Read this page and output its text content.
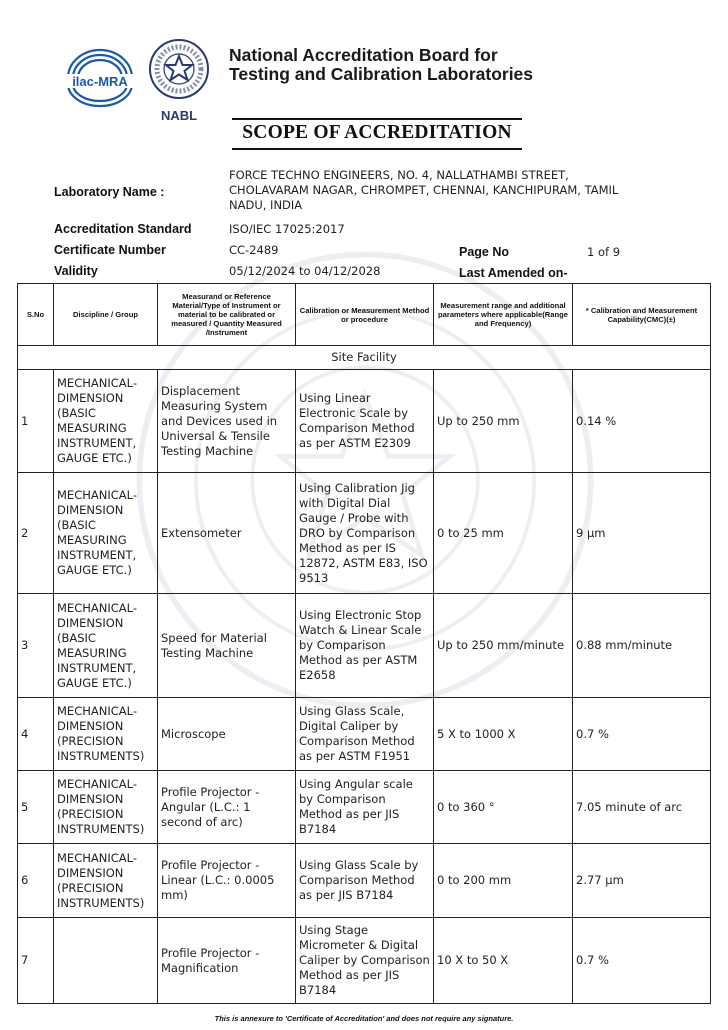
ilac-MRA
NABL
National Accreditation Board for
Testing and Calibration Laboratories
SCOPE OF ACCREDITATION
Laboratory Name :
FORCE TECHNO ENGINEERS, NO. 4, NALLATHAMBI STREET,
CHOLAVARAM NAGAR, CHROMPET, CHENNAI, KANCHIPURAM, TAMIL
NADU, INDIA
Accreditation Standard	ISO/IEC 17025:2017
Certificate Number	CC-2489	Page No	1 of 9
Validity	05/12/2024 to 04/12/2028	Last Amended on-
S.No	Discipline / Group	Measurand or Reference Material/Type of Instrument or material to be calibrated or measured / Quantity Measured /Instrument	Calibration or Measurement Method or procedure	Measurement range and additional parameters where applicable(Range and Frequency)	* Calibration and Measurement Capability(CMC)(±)
Site Facility					
1	MECHANICAL- DIMENSION (BASIC MEASURING INSTRUMENT, GAUGE ETC.)	Displacement Measuring System and Devices used in Universal & Tensile Testing Machine	Using Linear Electronic Scale by Comparison Method as per ASTM E2309	Up to 250 mm	0.14 %
2	MECHANICAL- DIMENSION (BASIC MEASURING INSTRUMENT, GAUGE ETC.)	Extensometer	Using Calibration Jig with Digital Dial Gauge / Probe with DRO by Comparison Method as per IS 12872, ASTM E83, ISO 9513	0 to 25 mm	9 µm
3	MECHANICAL- DIMENSION (BASIC MEASURING INSTRUMENT, GAUGE ETC.)	Speed for Material Testing Machine	Using Electronic Stop Watch & Linear Scale by Comparison Method as per ASTM E2658	Up to 250 mm/minute	0.88 mm/minute
4	MECHANICAL- DIMENSION (PRECISION INSTRUMENTS)	Microscope	Using Glass Scale, Digital Caliper by Comparison Method as per ASTM F1951	5 X to 1000 X	0.7 %
5	MECHANICAL- DIMENSION (PRECISION INSTRUMENTS)	Profile Projector - Angular (L.C.: 1 second of arc)	Using Angular scale by Comparison Method as per JIS B7184	0 to 360 °	7.05 minute of arc
6	MECHANICAL- DIMENSION (PRECISION INSTRUMENTS)	Profile Projector - Linear (L.C.: 0.0005 mm)	Using Glass Scale by Comparison Method as per JIS B7184	0 to 200 mm	2.77 µm
7		Profile Projector - Magnification	Using Stage Micrometer & Digital Caliper by Comparison Method as per JIS B7184	10 X to 50 X	0.7 %
This is annexure to 'Certificate of Accreditation' and does not require any signature.
